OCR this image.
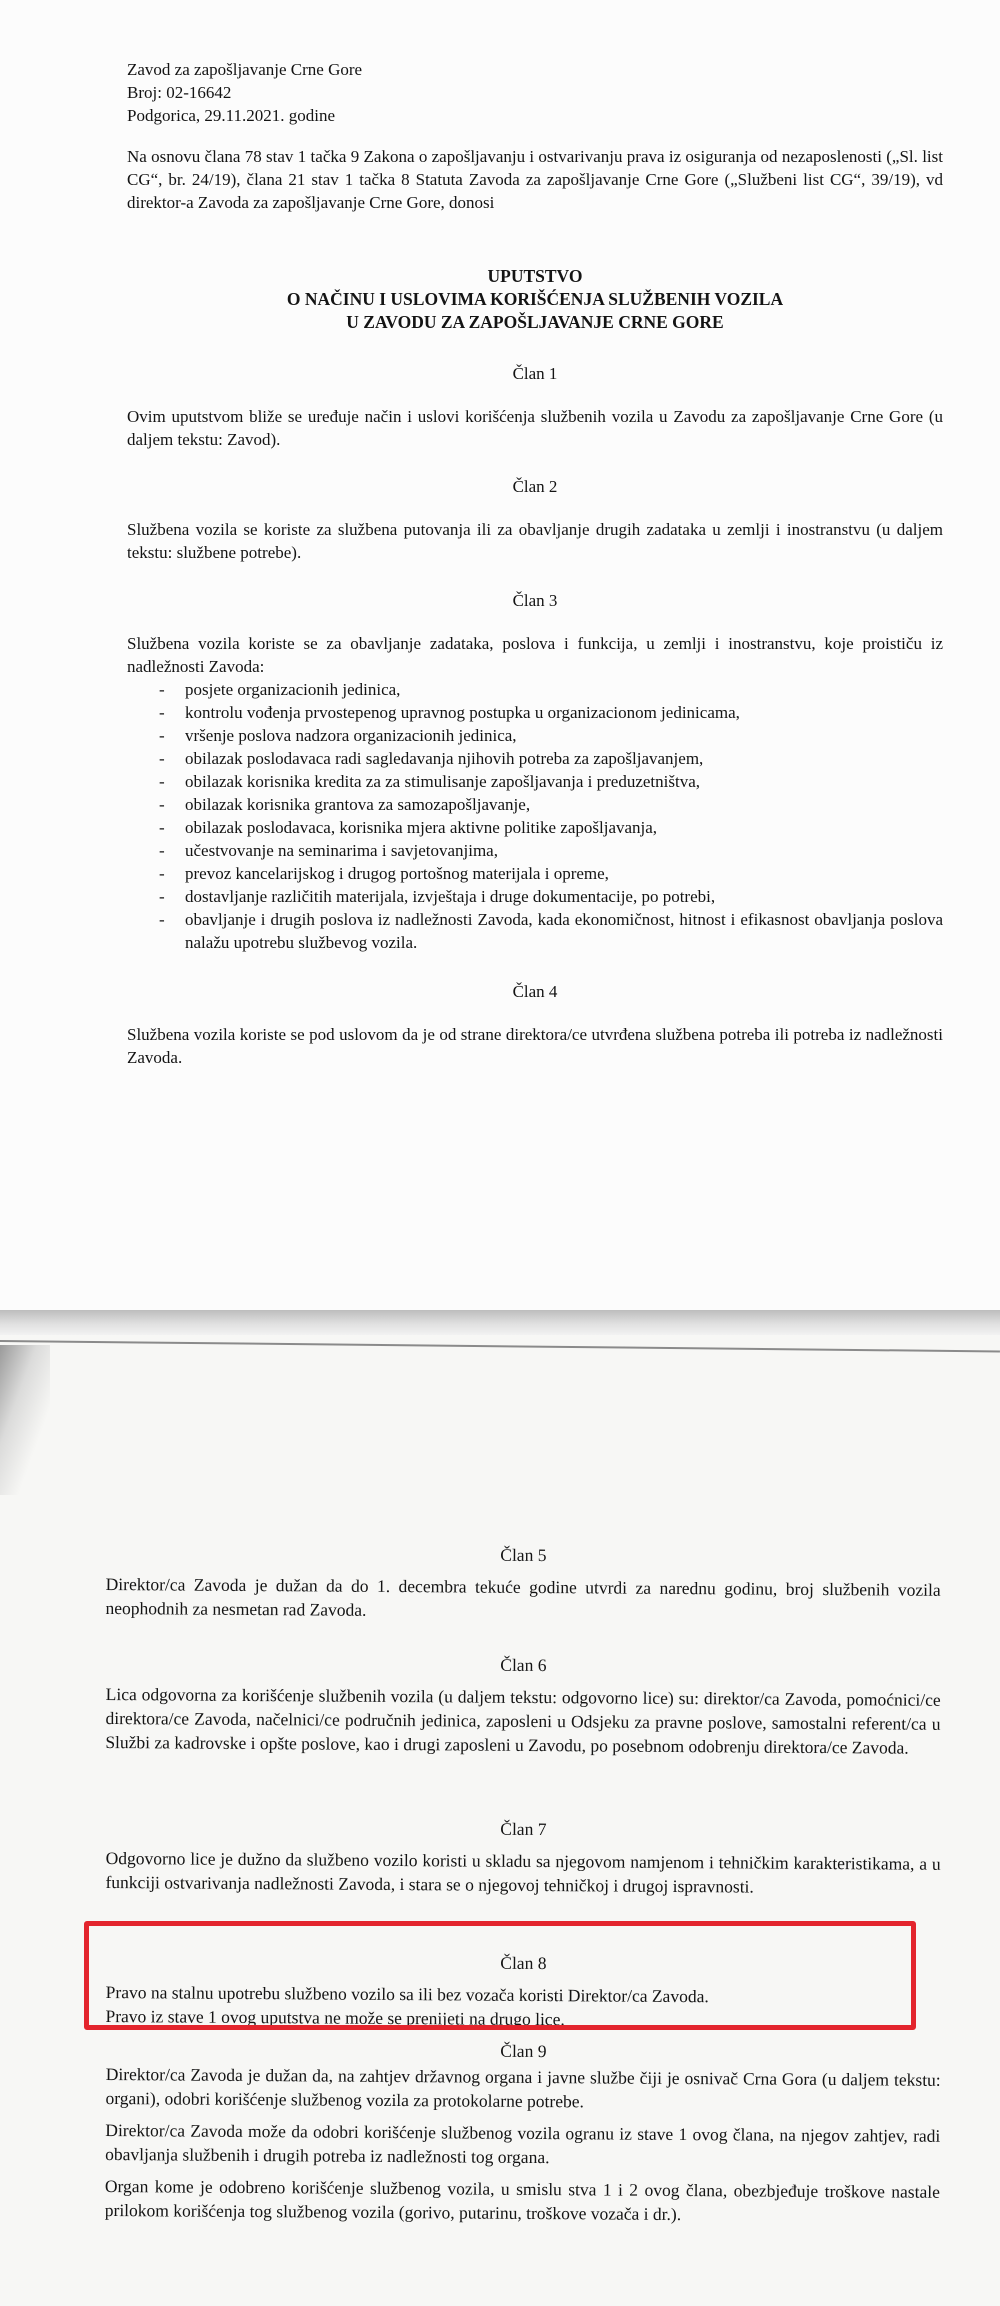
Zavod za zapošljavanje Crne Gore
Broj: 02-16642
Podgorica, 29.11.2021. godine

Na osnovu člana 78 stav 1 tačka 9 Zakona o zapošljavanju i ostvarivanju prava iz osiguranja od nezaposlenosti („Sl. list CG“, br. 24/19), člana 21 stav 1 tačka 8 Statuta Zavoda za zapošljavanje Crne Gore („Službeni list CG“, 39/19), vd direktor-a Zavoda za zapošljavanje Crne Gore, donosi

UPUTSTVO
O NAČINU I USLOVIMA KORIŠĆENJA SLUŽBENIH VOZILA
U ZAVODU ZA ZAPOŠLJAVANJE CRNE GORE
Član 1

Ovim uputstvom bliže se uređuje način i uslovi korišćenja službenih vozila u Zavodu za zapošljavanje Crne Gore (u daljem tekstu: Zavod).

Član 2

Službena vozila se koriste za službena putovanja ili za obavljanje drugih zadataka u zemlji i inostranstvu (u daljem tekstu: službene potrebe).

Član 3

Službena vozila koriste se za obavljanje zadataka, poslova i funkcija, u zemlji i inostranstvu, koje proističu iz nadležnosti Zavoda:

- posjete organizacionih jedinica,
- kontrolu vođenja prvostepenog upravnog postupka u organizacionom jedinicama,
- vršenje poslova nadzora organizacionih jedinica,
- obilazak poslodavaca radi sagledavanja njihovih potreba za zapošljavanjem,
- obilazak korisnika kredita za za stimulisanje zapošljavanja i preduzetništva,
- obilazak korisnika grantova za samozapošljavanje,
- obilazak poslodavaca, korisnika mjera aktivne politike zapošljavanja,
- učestvovanje na seminarima i savjetovanjima,
- prevoz kancelarijskog i drugog portošnog materijala i opreme,
- dostavljanje različitih materijala, izvještaja i druge dokumentacije, po potrebi,
- obavljanje i drugih poslova iz nadležnosti Zavoda, kada ekonomičnost, hitnost i efikasnost obavljanja poslova nalažu upotrebu službevog vozila.
Član 4

Službena vozila koriste se pod uslovom da je od strane direktora/ce utvrđena službena potreba ili potreba iz nadležnosti Zavoda.

Član 5

Direktor/ca Zavoda je dužan da do 1. decembra tekuće godine utvrdi za narednu godinu, broj službenih vozila neophodnih za nesmetan rad Zavoda.

Član 6

Lica odgovorna za korišćenje službenih vozila (u daljem tekstu: odgovorno lice) su: direktor/ca Zavoda, pomoćnici/ce direktora/ce Zavoda, načelnici/ce područnih jedinica, zaposleni u Odsjeku za pravne poslove, samostalni referent/ca u Službi za kadrovske i opšte poslove, kao i drugi zaposleni u Zavodu, po posebnom odobrenju direktora/ce Zavoda.

Član 7

Odgovorno lice je dužno da službeno vozilo koristi u skladu sa njegovom namjenom i tehničkim karakteristikama, a u funkciji ostvarivanja nadležnosti Zavoda, i stara se o njegovoj tehničkoj i drugoj ispravnosti.

Član 8

Pravo na stalnu upotrebu službeno vozilo sa ili bez vozača koristi Direktor/ca Zavoda.

Pravo iz stave 1 ovog uputstva ne može se prenijeti na drugo lice.

Član 9

Direktor/ca Zavoda je dužan da, na zahtjev državnog organa i javne službe čiji je osnivač Crna Gora (u daljem tekstu: organi), odobri korišćenje službenog vozila za protokolarne potrebe.

Direktor/ca Zavoda može da odobri korišćenje službenog vozila ogranu iz stave 1 ovog člana, na njegov zahtjev, radi obavljanja službenih i drugih potreba iz nadležnosti tog organa.

Organ kome je odobreno korišćenje službenog vozila, u smislu stva 1 i 2 ovog člana, obezbjeđuje troškove nastale prilokom korišćenja tog službenog vozila (gorivo, putarinu, troškove vozača i dr.).
